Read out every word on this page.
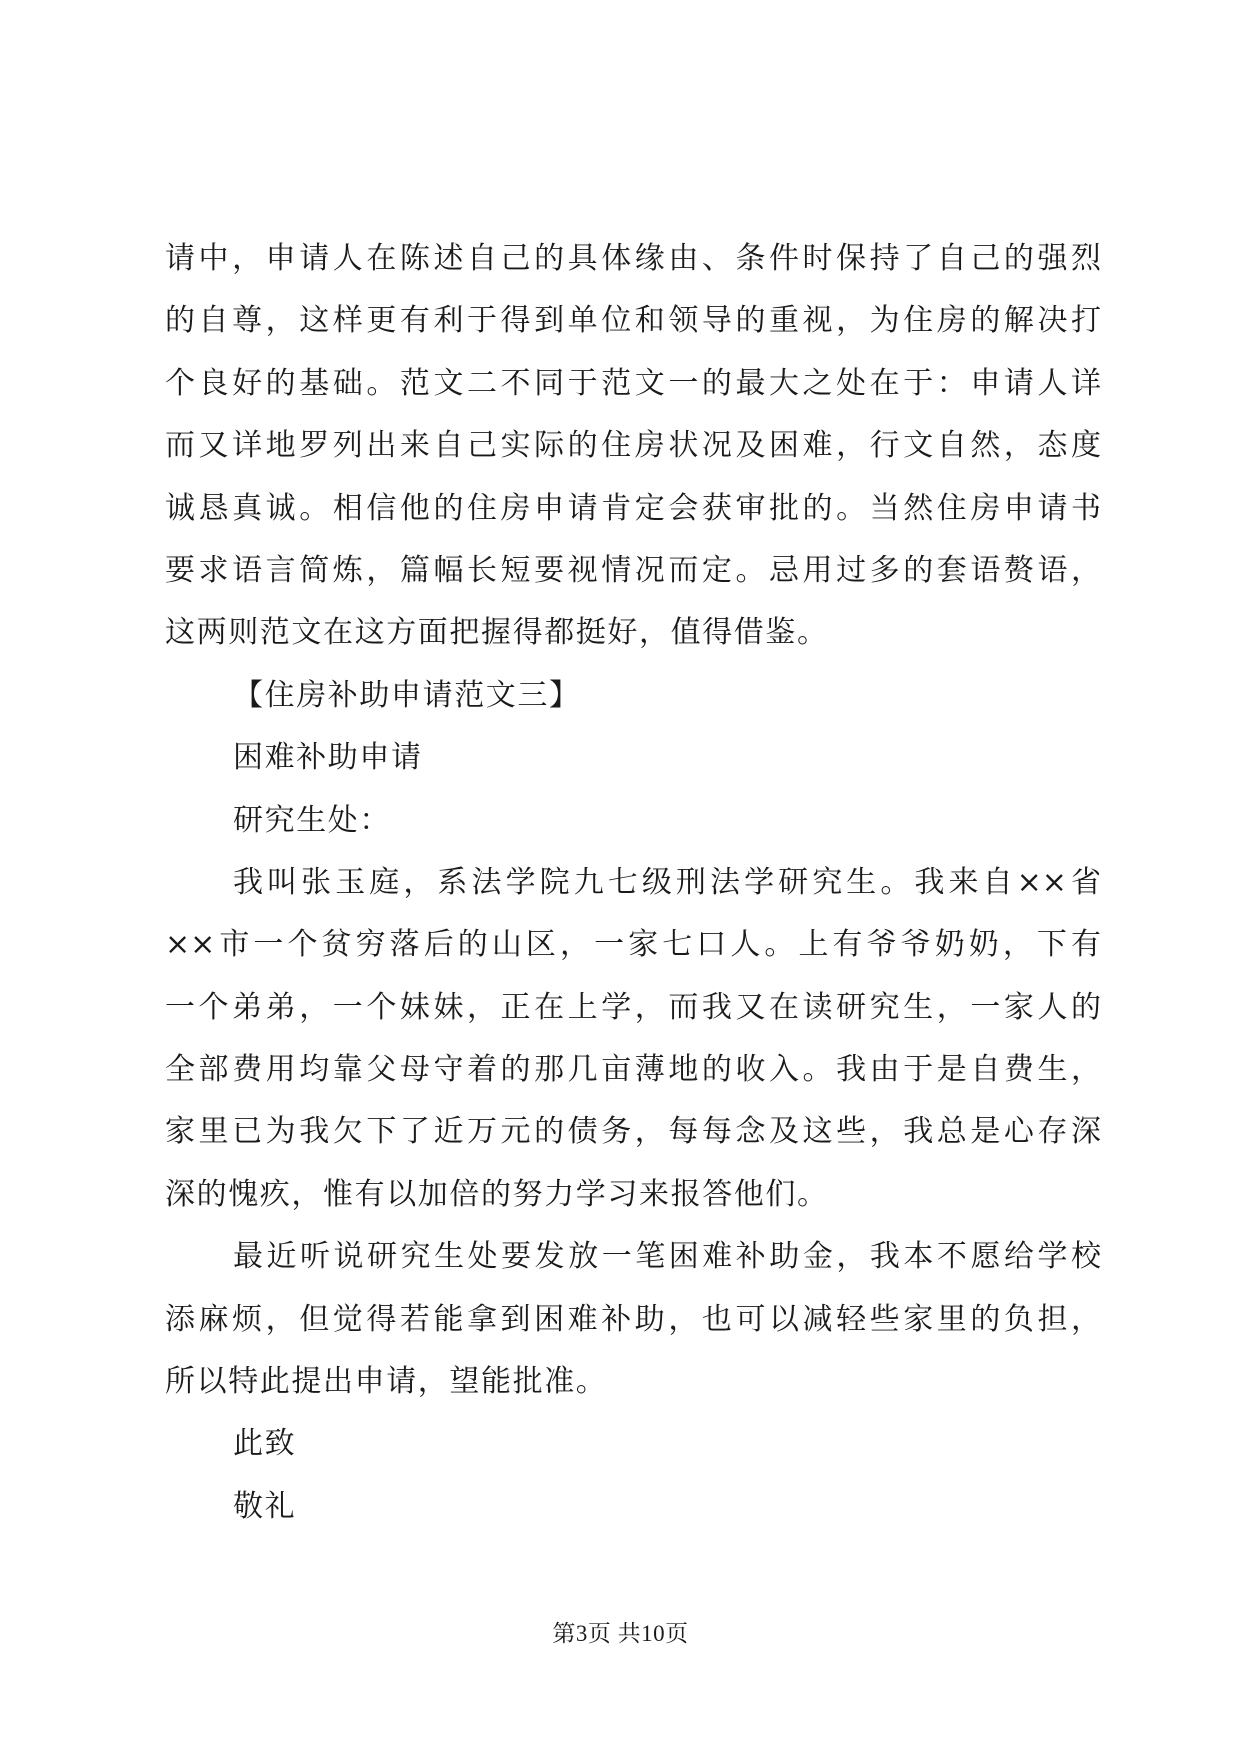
请中，申请人在陈述自己的具体缘由、条件时保持了自己的强烈
的自尊，这样更有利于得到单位和领导的重视，为住房的解决打
个良好的基础。范文二不同于范文一的最大之处在于：申请人详
而又详地罗列出来自己实际的住房状况及困难，行文自然，态度
诚恳真诚。相信他的住房申请肯定会获审批的。当然住房申请书
要求语言简炼，篇幅长短要视情况而定。忌用过多的套语赘语，
这两则范文在这方面把握得都挺好，值得借鉴。
【住房补助申请范文三】
困难补助申请
研究生处：
我叫张玉庭，系法学院九七级刑法学研究生。我来自××省
××市一个贫穷落后的山区，一家七口人。上有爷爷奶奶，下有
一个弟弟，一个妹妹，正在上学，而我又在读研究生，一家人的
全部费用均靠父母守着的那几亩薄地的收入。我由于是自费生，
家里已为我欠下了近万元的债务，每每念及这些，我总是心存深
深的愧疚，惟有以加倍的努力学习来报答他们。
最近听说研究生处要发放一笔困难补助金，我本不愿给学校
添麻烦，但觉得若能拿到困难补助，也可以减轻些家里的负担，
所以特此提出申请，望能批准。
此致
敬礼
第3页 共10页
